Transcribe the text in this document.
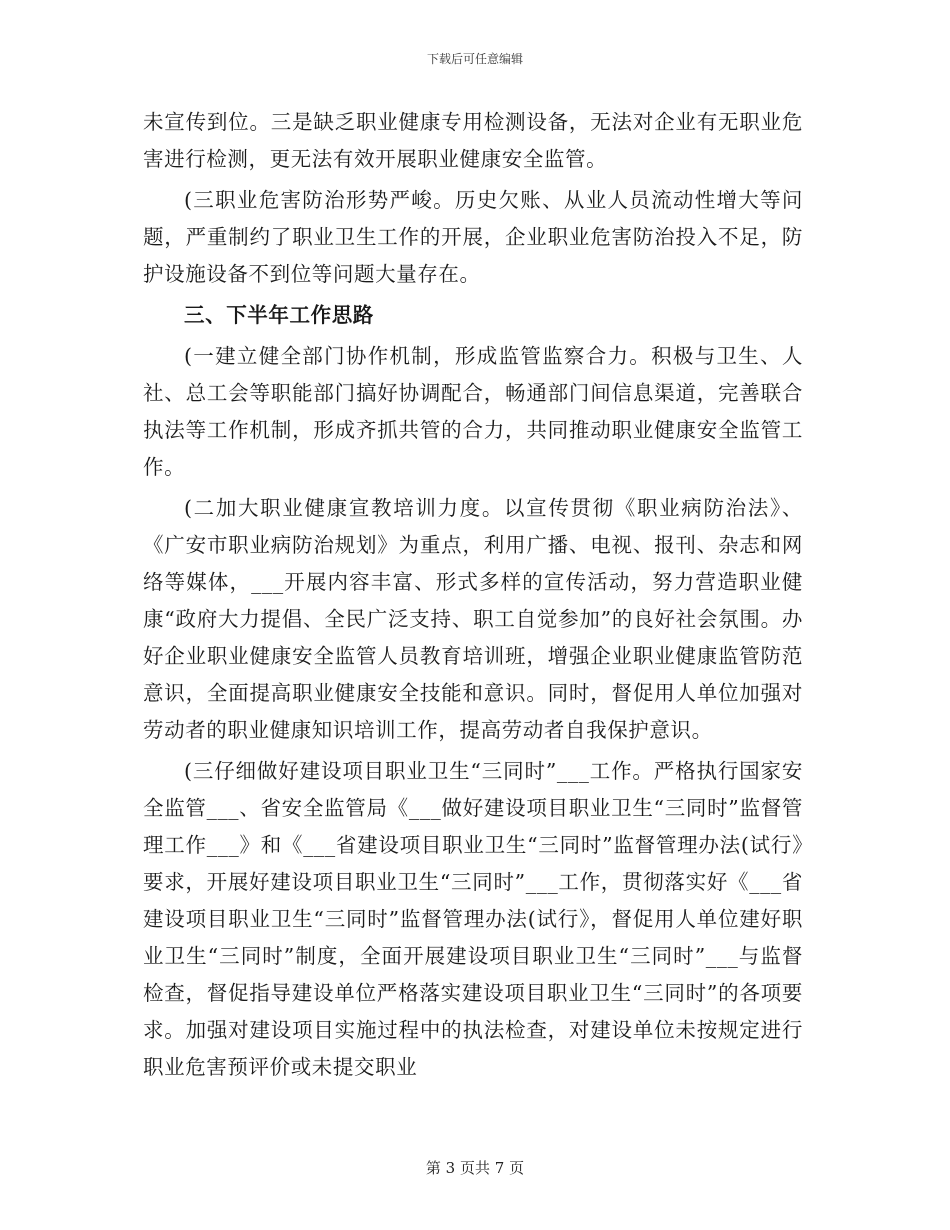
下载后可任意编辑

未宣传到位。三是缺乏职业健康专用检测设备，无法对企业有无职业危害进行检测，更无法有效开展职业健康安全监管。

(三职业危害防治形势严峻。历史欠账、从业人员流动性增大等问题，严重制约了职业卫生工作的开展，企业职业危害防治投入不足，防护设施设备不到位等问题大量存在。

三、下半年工作思路

(一建立健全部门协作机制，形成监管监察合力。积极与卫生、人社、总工会等职能部门搞好协调配合，畅通部门间信息渠道，完善联合执法等工作机制，形成齐抓共管的合力，共同推动职业健康安全监管工作。

(二加大职业健康宣教培训力度。以宣传贯彻《职业病防治法》、《广安市职业病防治规划》为重点，利用广播、电视、报刊、杂志和网络等媒体，___开展内容丰富、形式多样的宣传活动，努力营造职业健康“政府大力提倡、全民广泛支持、职工自觉参加”的良好社会氛围。办好企业职业健康安全监管人员教育培训班，增强企业职业健康监管防范意识，全面提高职业健康安全技能和意识。同时，督促用人单位加强对劳动者的职业健康知识培训工作，提高劳动者自我保护意识。

(三仔细做好建设项目职业卫生“三同时”___工作。严格执行国家安全监管___、省安全监管局《___做好建设项目职业卫生“三同时”监督管理工作___》和《___省建设项目职业卫生“三同时”监督管理办法(试行》要求，开展好建设项目职业卫生“三同时”___工作，贯彻落实好《___省建设项目职业卫生“三同时”监督管理办法(试行》，督促用人单位建好职业卫生“三同时”制度，全面开展建设项目职业卫生“三同时”___与监督检查，督促指导建设单位严格落实建设项目职业卫生“三同时”的各项要求。加强对建设项目实施过程中的执法检查，对建设单位未按规定进行职业危害预评价或未提交职业

第 3 页共 7 页
